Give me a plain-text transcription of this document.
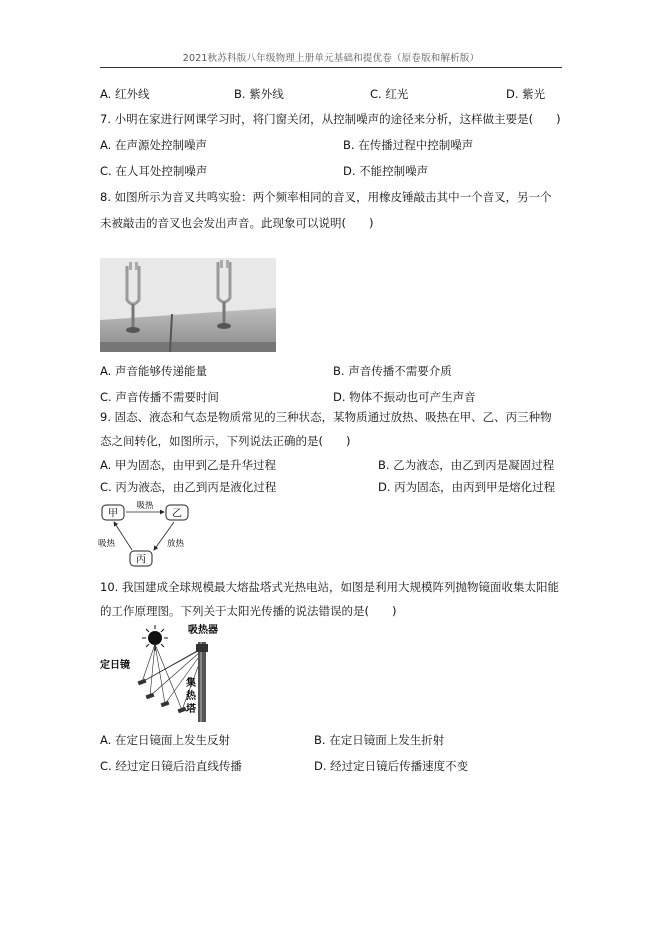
2021秋苏科版八年级物理上册单元基础和提优卷（原卷版和解析版）
A. 红外线	B. 紫外线	C. 红光	D. 紫光
7. 小明在家进行网课学习时，将门窗关闭，从控制噪声的途径来分析，这样做主要是(　　)
A. 在声源处控制噪声	B. 在传播过程中控制噪声
C. 在人耳处控制噪声	D. 不能控制噪声
8. 如图所示为音叉共鸣实验：两个频率相同的音叉，用橡皮锤敲击其中一个音叉，另一个
未被敲击的音叉也会发出声音。此现象可以说明(　　)
A. 声音能够传递能量	B. 声音传播不需要介质
C. 声音传播不需要时间	D. 物体不振动也可产生声音
9. 固态、液态和气态是物质常见的三种状态，某物质通过放热、吸热在甲、乙、丙三种物
态之间转化，如图所示，下列说法正确的是(　　)
A. 甲为固态，由甲到乙是升华过程	B. 乙为液态，由乙到丙是凝固过程
C. 丙为液态，由乙到丙是液化过程	D. 丙为固态，由丙到甲是熔化过程
甲	乙
丙
吸热
吸热	放热
10. 我国建成全球规模最大熔盐塔式光热电站，如图是利用大规模阵列抛物镜面收集太阳能
的工作原理图。下列关于太阳光传播的说法错误的是(　　)
吸热器
定日镜
集
热
塔
A. 在定日镜面上发生反射	B. 在定日镜面上发生折射
C. 经过定日镜后沿直线传播	D. 经过定日镜后传播速度不变
